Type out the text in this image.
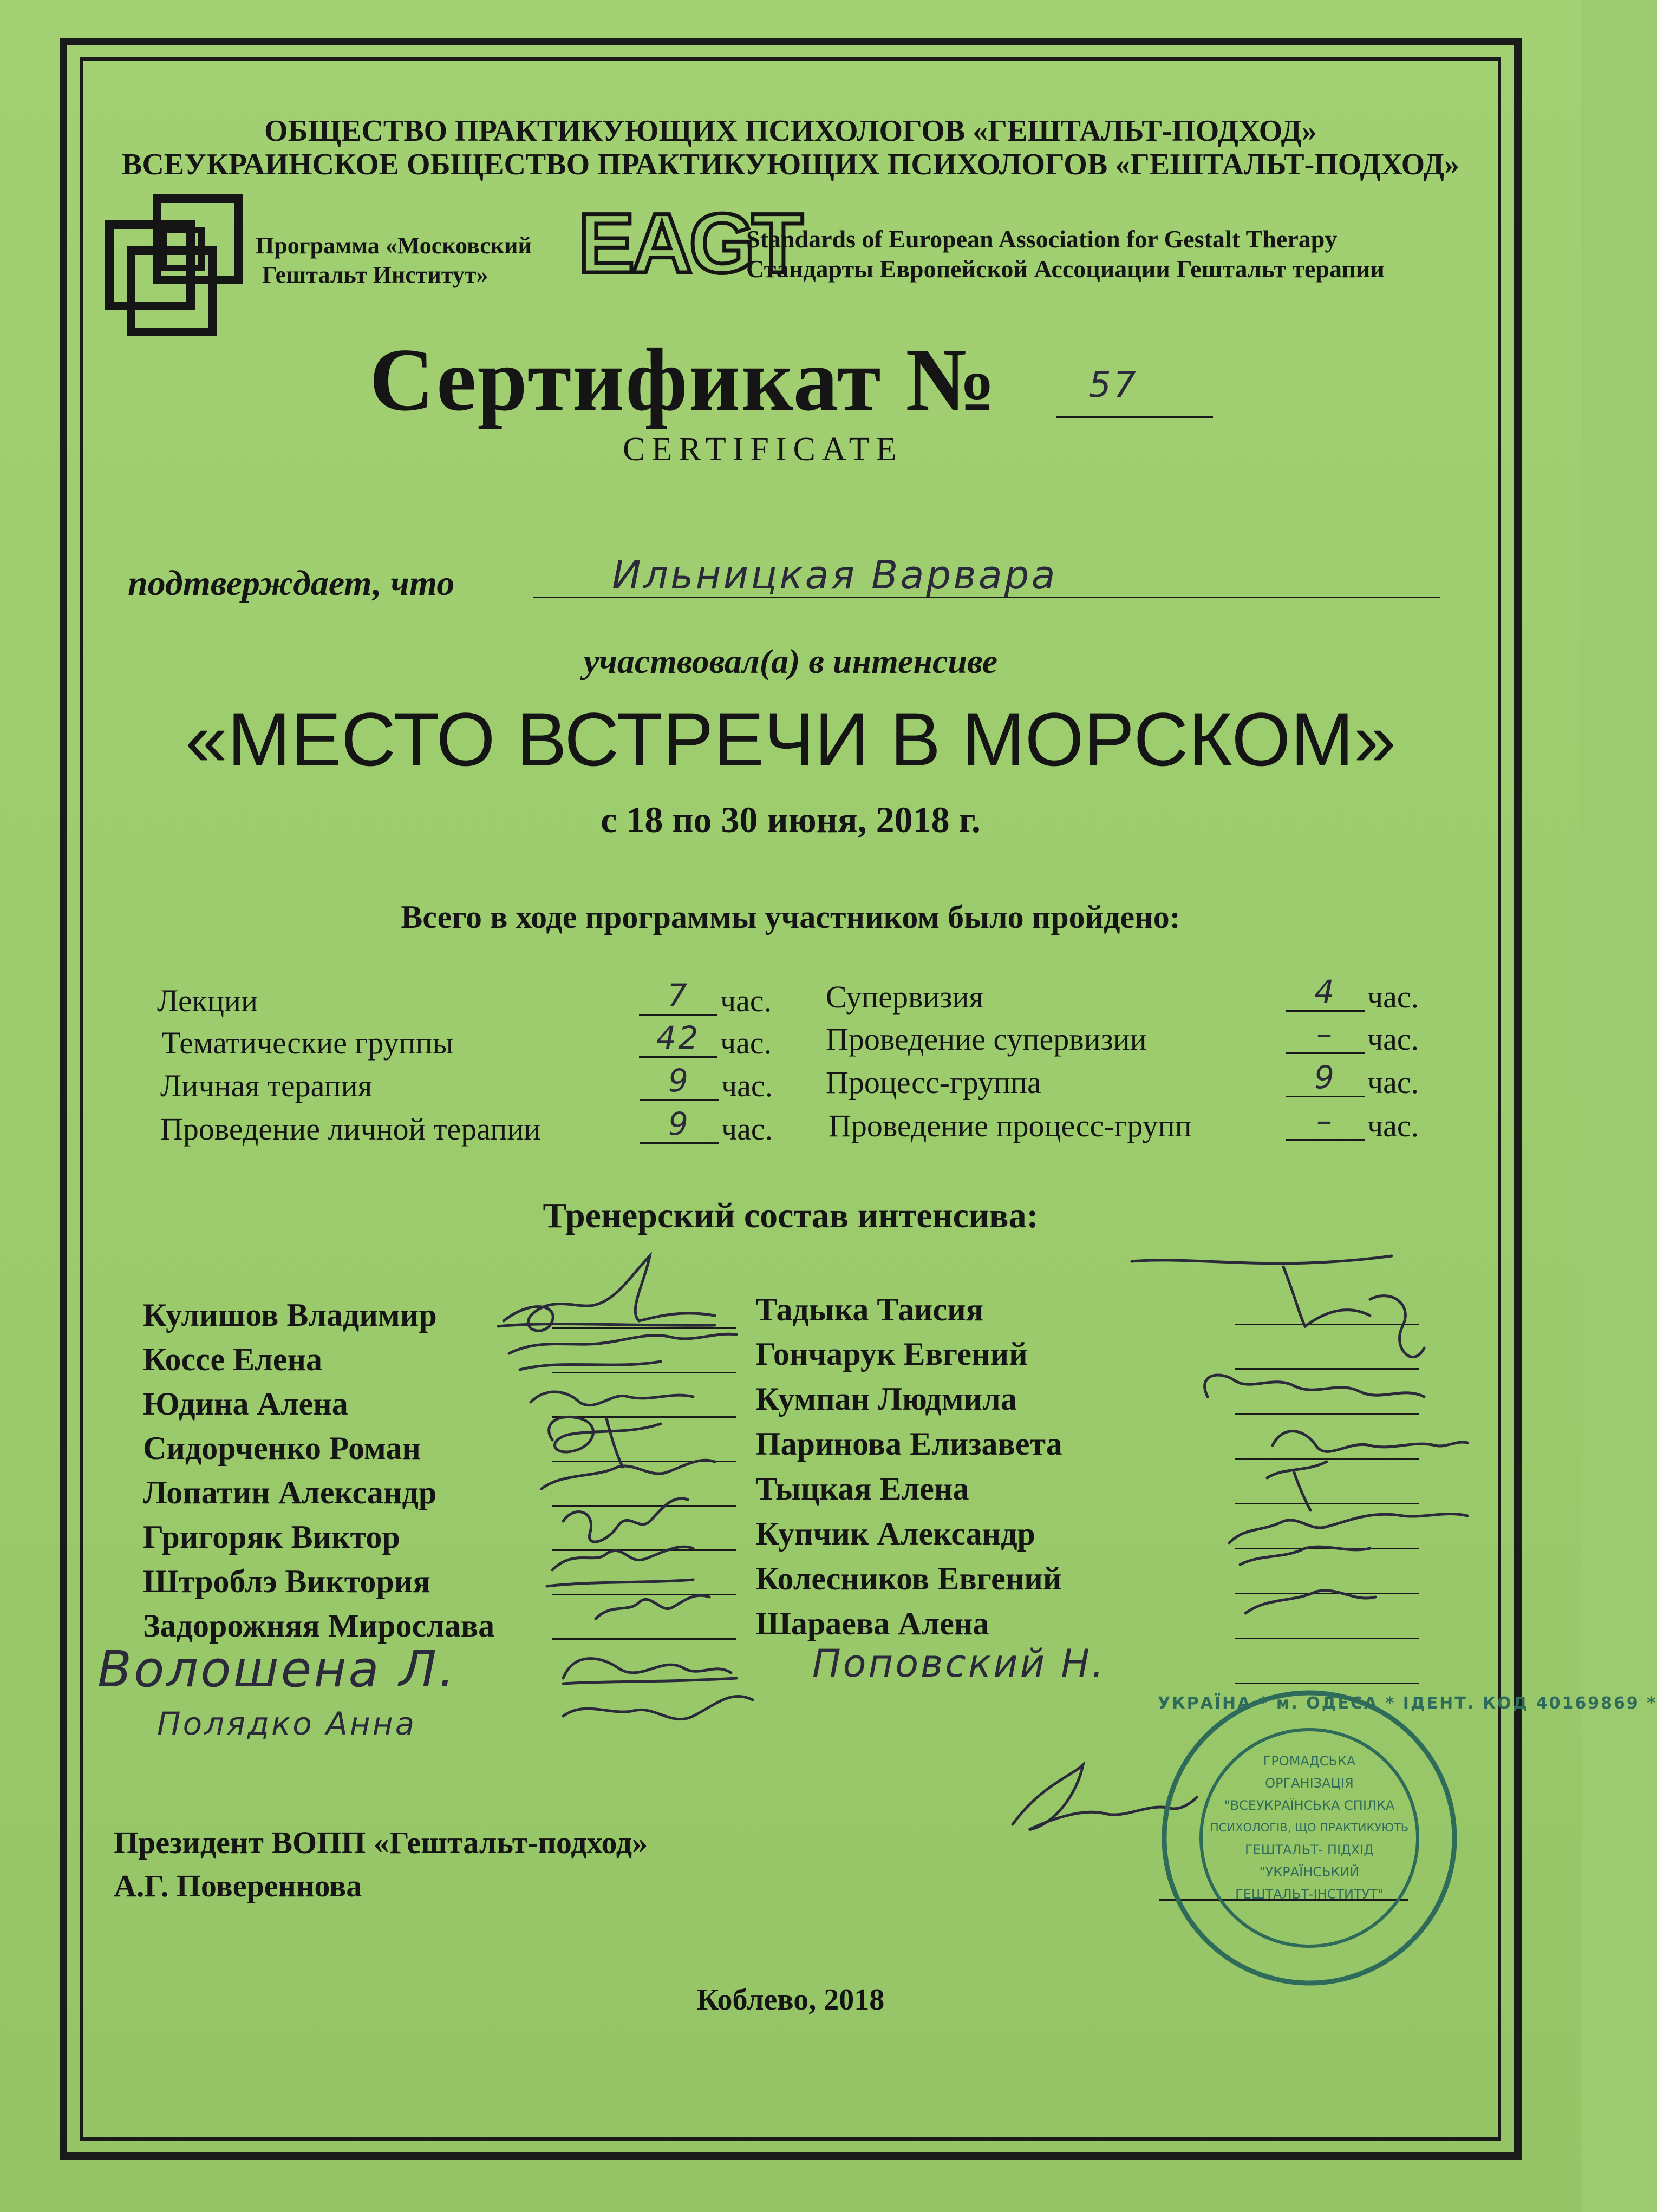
ОБЩЕСТВО ПРАКТИКУЮЩИХ ПСИХОЛОГОВ «ГЕШТАЛЬТ-ПОДХОД»
ВСЕУКРАИНСКОЕ ОБЩЕСТВО ПРАКТИКУЮЩИХ ПСИХОЛОГОВ «ГЕШТАЛЬТ-ПОДХОД»
Программа «Московский
Гештальт Институт» EAGT
Standards of European Association for Gestalt Therapy
Стандарты Европейской Ассоциации Гештальт терапии
Сертификат №	57
CERTIFICATE
подтверждает, что	Ильницкая Варвара
участвовал(а) в интенсиве
«МЕСТО ВСТРЕЧИ В МОРСКОМ»
с 18 по 30 июня, 2018 г.
Всего в ходе программы участником было пройдено:
Лекции	7 час.
Тематические группы	42 час.
Личная терапия	9 час.
Проведение личной терапии	9 час.
Супервизия	4 час.
Проведение супервизии	–	час.
Процесс-группа	9 час.
Проведение процесс-групп	–	час.
Тренерский состав интенсива:
Кулишов Владимир
Коссе Елена
Юдина Алена
Сидорченко Роман
Лопатин Александр
Григоряк Виктор
Штроблэ Виктория
Задорожняя Мирослава
Тадыка Таисия
Гончарук Евгений
Кумпан Людмила
Паринова Елизавета
Тыцкая Елена
Купчик Александр
Колесников Евгений
Шараева Алена
Волошена Л.
Полядко Анна
Поповский Н.
Президент ВОПП «Гештальт-подход»
А.Г. Поверенновa
УКРАЇНА * м. ОДЕСА * ІДЕНТ. КОД 40169869 *
ГРОМАДСЬКА
ОРГАНІЗАЦІЯ
"ВСЕУКРАЇНСЬКА СПІЛКА
ПСИХОЛОГІВ, ЩО ПРАКТИКУЮТЬ
ГЕШТАЛЬТ- ПІДХІД
"УКРАЇНСЬКИЙ
ГЕШТАЛЬТ-ІНСТИТУТ"
Коблево, 2018
